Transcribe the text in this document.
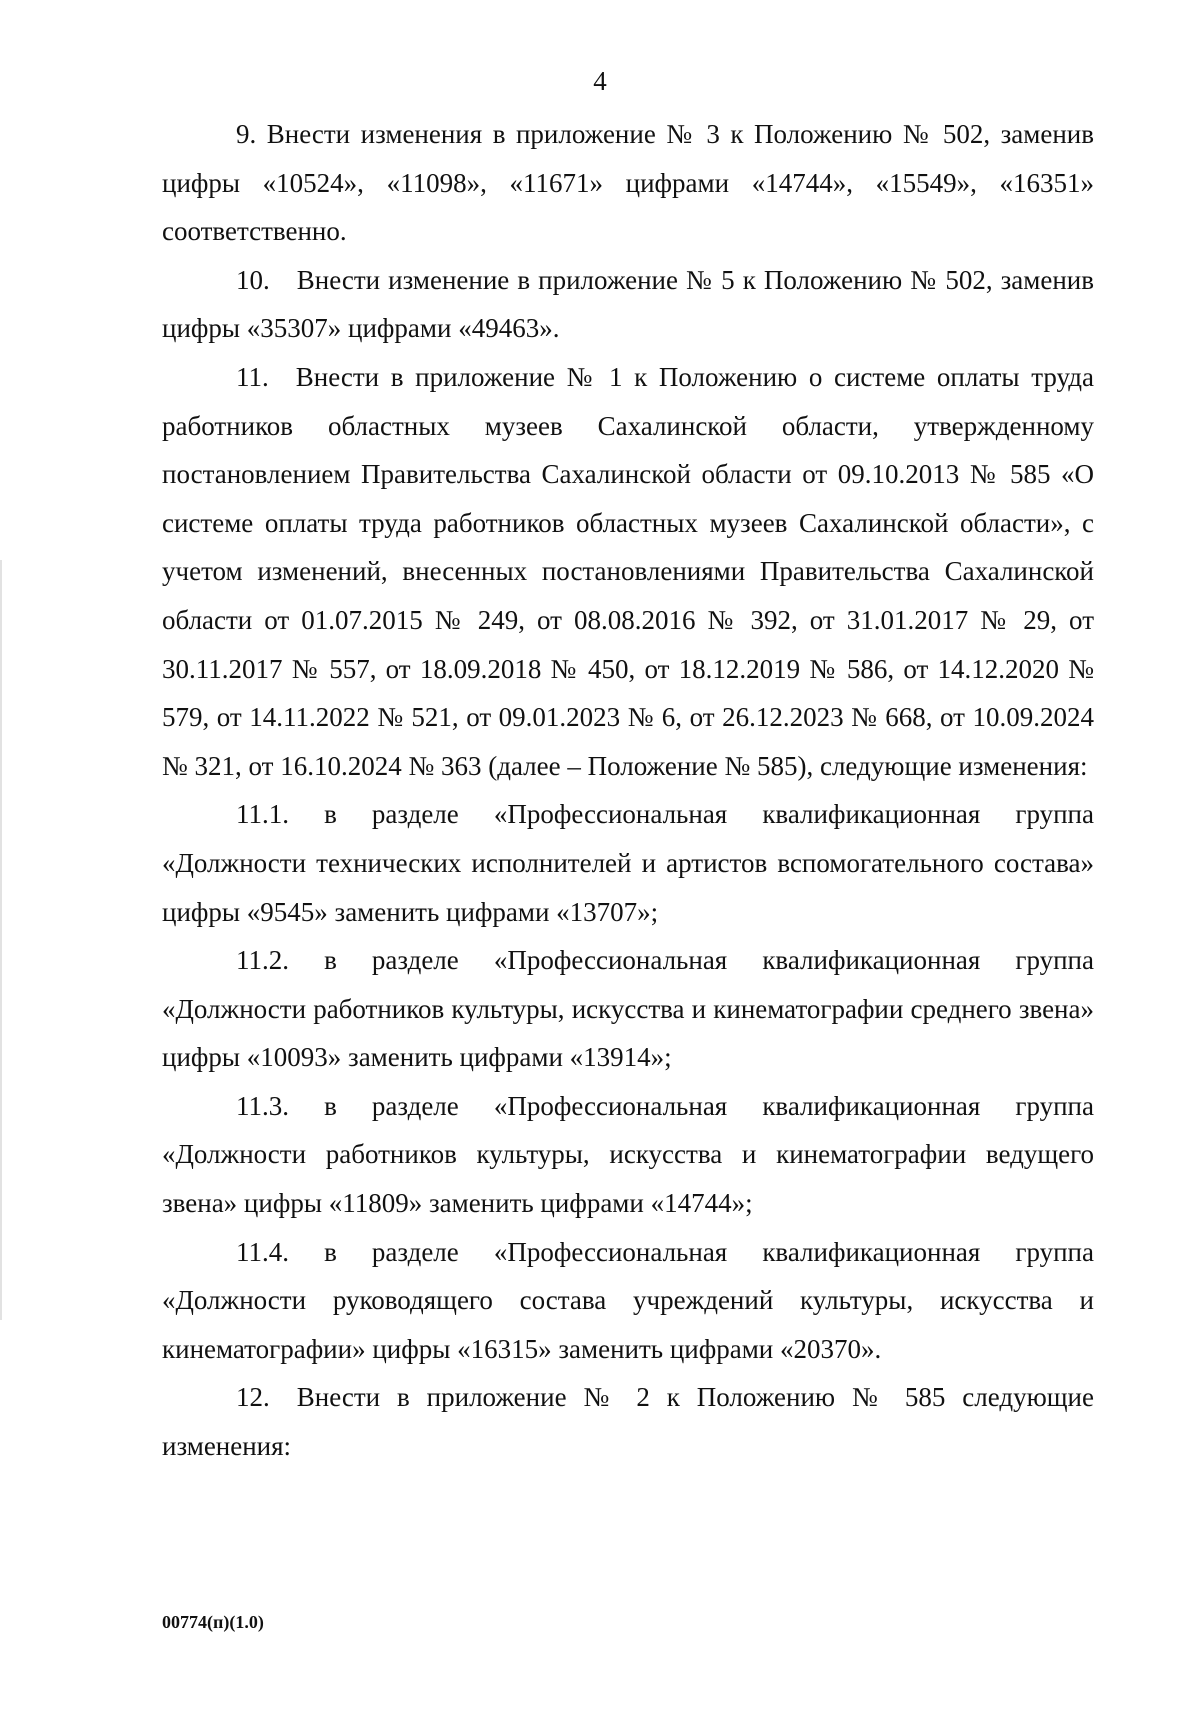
4

9. Внести изменения в приложение № 3 к Положению № 502, заменив цифры «10524», «11098», «11671» цифрами «14744», «15549», «16351» соответственно.

10. Внести изменение в приложение № 5 к Положению № 502, заменив цифры «35307» цифрами «49463».

11. Внести в приложение № 1 к Положению о системе оплаты труда работников областных музеев Сахалинской области, утвержденному постановлением Правительства Сахалинской области от 09.10.2013 № 585 «О системе оплаты труда работников областных музеев Сахалинской области», с учетом изменений, внесенных постановлениями Правительства Сахалинской области от 01.07.2015 № 249, от 08.08.2016 № 392, от 31.01.2017 № 29, от 30.11.2017 № 557, от 18.09.2018 № 450, от 18.12.2019 № 586, от 14.12.2020 № 579, от 14.11.2022 № 521, от 09.01.2023 № 6, от 26.12.2023 № 668, от 10.09.2024 № 321, от 16.10.2024 № 363 (далее – Положение № 585), следующие изменения:

11.1. в разделе «Профессиональная квалификационная группа «Должности технических исполнителей и артистов вспомогательного состава» цифры «9545» заменить цифрами «13707»;

11.2. в разделе «Профессиональная квалификационная группа «Должности работников культуры, искусства и кинематографии среднего звена» цифры «10093» заменить цифрами «13914»;

11.3. в разделе «Профессиональная квалификационная группа «Должности работников культуры, искусства и кинематографии ведущего звена» цифры «11809» заменить цифрами «14744»;

11.4. в разделе «Профессиональная квалификационная группа «Должности руководящего состава учреждений культуры, искусства и кинематографии» цифры «16315» заменить цифрами «20370».

12. Внести в приложение № 2 к Положению № 585 следующие изменения:

00774(п)(1.0)
